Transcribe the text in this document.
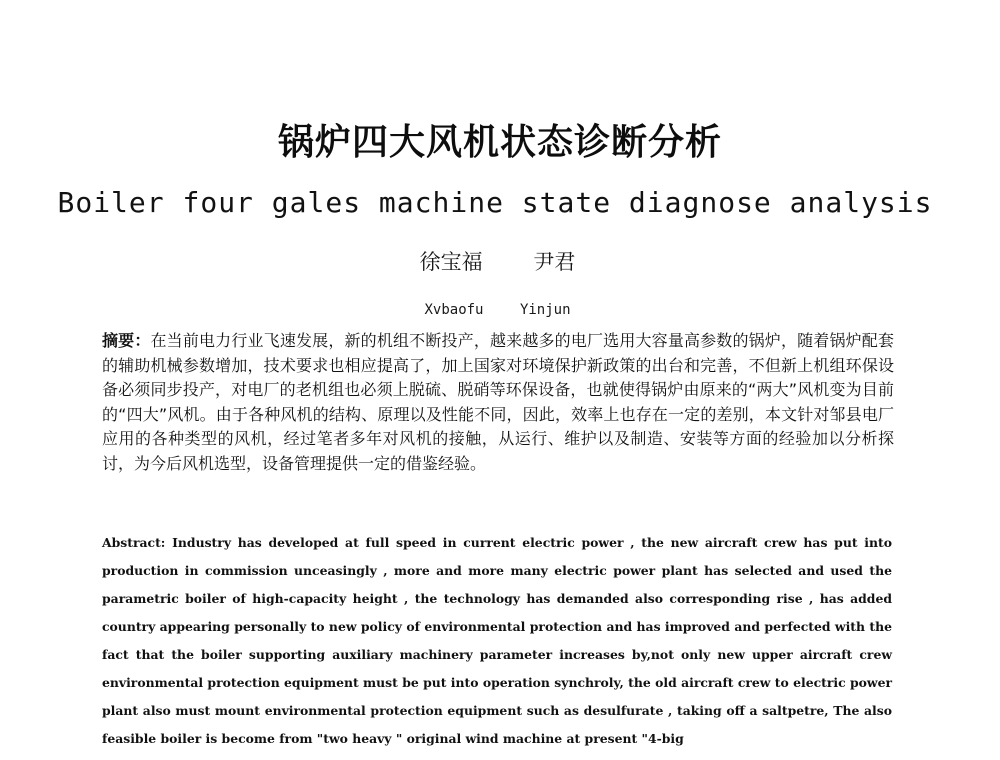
锅炉四大风机状态诊断分析
Boiler four gales machine state diagnose analysis
徐宝福 尹君
Xvbaofu	Yinjun
摘要：在当前电力行业飞速发展，新的机组不断投产，越来越多的电厂选用大容量高参数的锅炉，随着锅炉配套的辅助机械参数增加，技术要求也相应提高了，加上国家对环境保护新政策的出台和完善，不但新上机组环保设备必须同步投产，对电厂的老机组也必须上脱硫、脱硝等环保设备，也就使得锅炉由原来的“两大”风机变为目前的“四大”风机。由于各种风机的结构、原理以及性能不同，因此，效率上也存在一定的差别，本文针对邹县电厂应用的各种类型的风机，经过笔者多年对风机的接触，从运行、维护以及制造、安装等方面的经验加以分析探讨，为今后风机选型，设备管理提供一定的借鉴经验。
Abstract: Industry has developed at full speed in current electric power , the new aircraft crew has put into production in commission unceasingly , more and more many electric power plant has selected and used the parametric boiler of high-capacity height , the technology has demanded also corresponding rise , has added country appearing personally to new policy of environmental protection and has improved and perfected with the fact that the boiler supporting auxiliary machinery parameter increases by,not only new upper aircraft crew environmental protection equipment must be put into operation synchroly, the old aircraft crew to electric power plant also must mount environmental protection equipment such as desulfurate , taking off a saltpetre, The also feasible boiler is become from "two heavy " original wind machine at present "4-big
